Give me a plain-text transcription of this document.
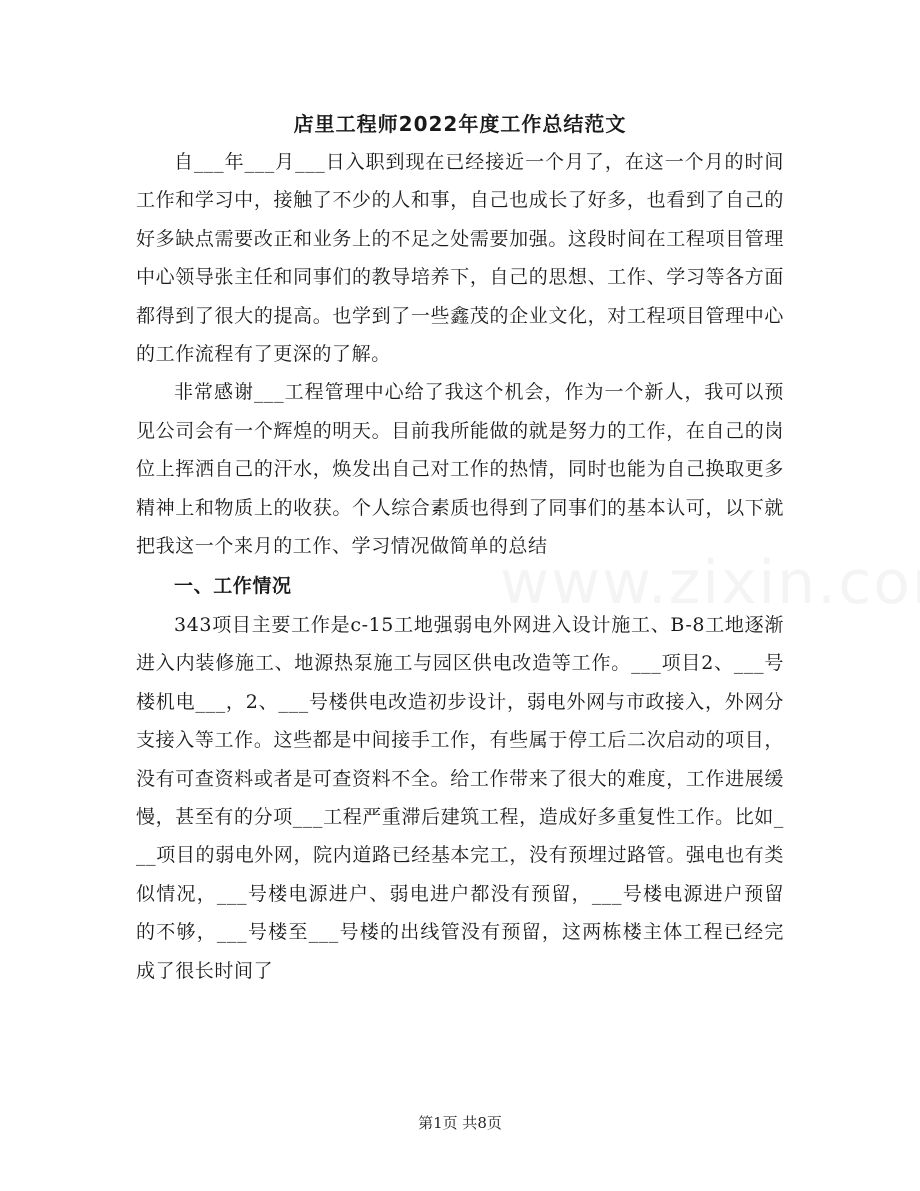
店里工程师2022年度工作总结范文

自___年___月___日入职到现在已经接近一个月了，在这一个月的时间工作和学习中，接触了不少的人和事，自己也成长了好多，也看到了自己的好多缺点需要改正和业务上的不足之处需要加强。这段时间在工程项目管理中心领导张主任和同事们的教导培养下，自己的思想、工作、学习等各方面都得到了很大的提高。也学到了一些鑫茂的企业文化，对工程项目管理中心的工作流程有了更深的了解。

非常感谢___工程管理中心给了我这个机会，作为一个新人，我可以预见公司会有一个辉煌的明天。目前我所能做的就是努力的工作，在自己的岗位上挥洒自己的汗水，焕发出自己对工作的热情，同时也能为自己换取更多精神上和物质上的收获。个人综合素质也得到了同事们的基本认可，以下就把我这一个来月的工作、学习情况做简单的总结

一、工作情况

343项目主要工作是c-15工地强弱电外网进入设计施工、B-8工地逐渐进入内装修施工、地源热泵施工与园区供电改造等工作。___项目2、___号楼机电___，2、___号楼供电改造初步设计，弱电外网与市政接入，外网分支接入等工作。这些都是中间接手工作，有些属于停工后二次启动的项目，没有可查资料或者是可查资料不全。给工作带来了很大的难度，工作进展缓慢，甚至有的分项___工程严重滞后建筑工程，造成好多重复性工作。比如___项目的弱电外网，院内道路已经基本完工，没有预埋过路管。强电也有类似情况，___号楼电源进户、弱电进户都没有预留，___号楼电源进户预留的不够，___号楼至___号楼的出线管没有预留，这两栋楼主体工程已经完成了很长时间了

第1页 共8页
